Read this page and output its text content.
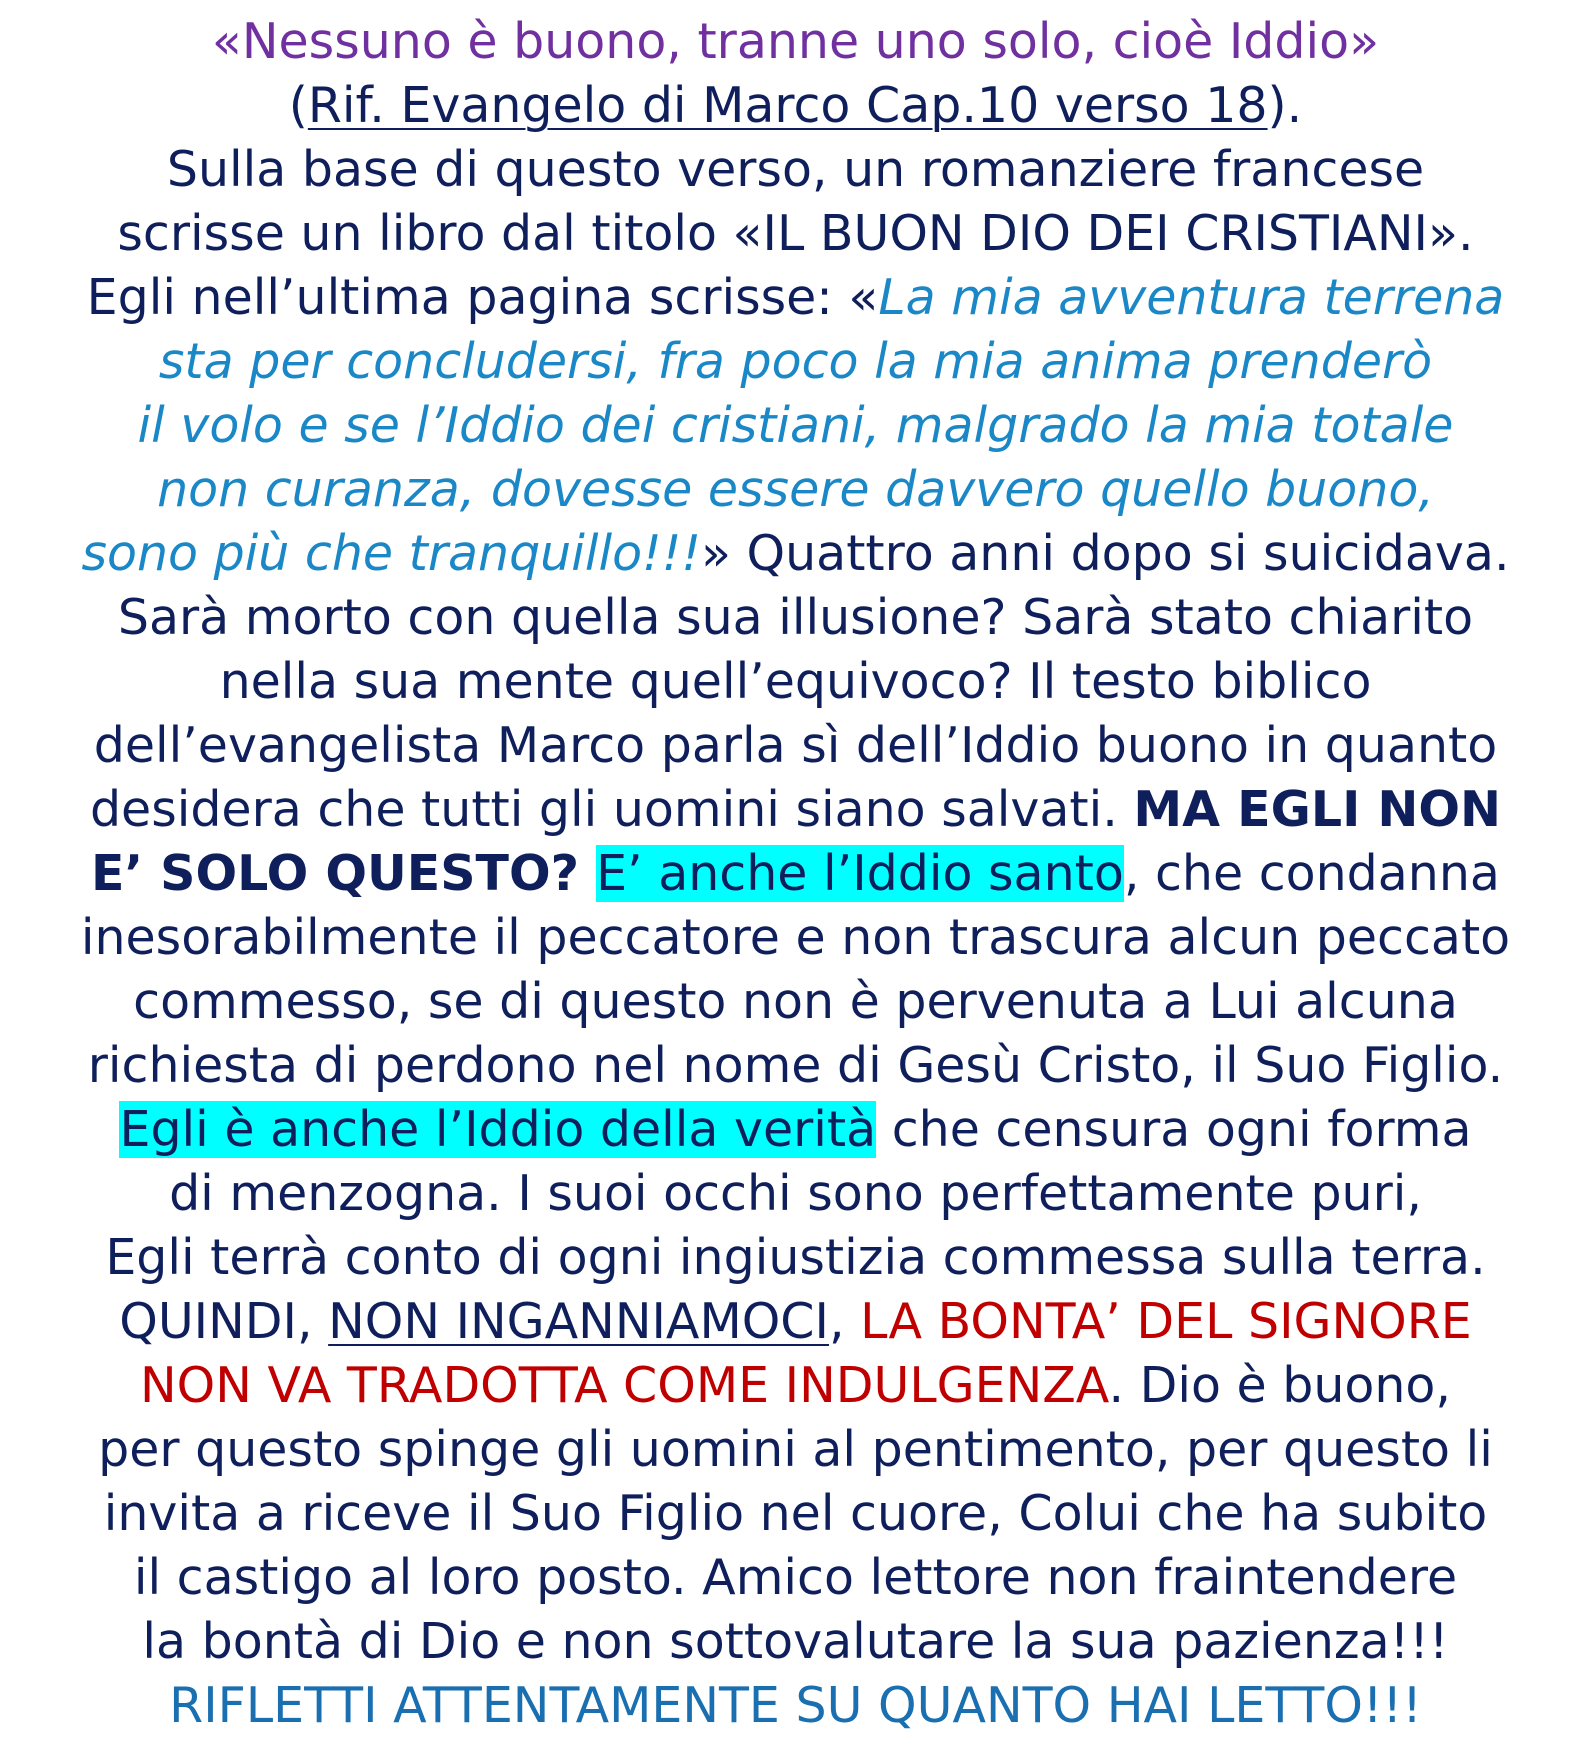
«Nessuno è buono, tranne uno solo, cioè Iddio»
(Rif. Evangelo di Marco Cap.10 verso 18).
Sulla base di questo verso, un romanziere francese
scrisse un libro dal titolo «IL BUON DIO DEI CRISTIANI».
Egli nell’ultima pagina scrisse: «La mia avventura terrena
sta per concludersi, fra poco la mia anima prenderò
il volo e se l’Iddio dei cristiani, malgrado la mia totale
non curanza, dovesse essere davvero quello buono,
sono più che tranquillo!!!» Quattro anni dopo si suicidava.
Sarà morto con quella sua illusione? Sarà stato chiarito
nella sua mente quell’equivoco? Il testo biblico
dell’evangelista Marco parla sì dell’Iddio buono in quanto
desidera che tutti gli uomini siano salvati. MA EGLI NON
E’ SOLO QUESTO? E’ anche l’Iddio santo, che condanna
inesorabilmente il peccatore e non trascura alcun peccato
commesso, se di questo non è pervenuta a Lui alcuna
richiesta di perdono nel nome di Gesù Cristo, il Suo Figlio.
Egli è anche l’Iddio della verità che censura ogni forma
di menzogna. I suoi occhi sono perfettamente puri,
Egli terrà conto di ogni ingiustizia commessa sulla terra.
QUINDI, NON INGANNIAMOCI, LA BONTA’ DEL SIGNORE
NON VA TRADOTTA COME INDULGENZA. Dio è buono,
per questo spinge gli uomini al pentimento, per questo li
invita a riceve il Suo Figlio nel cuore, Colui che ha subito
il castigo al loro posto. Amico lettore non fraintendere
la bontà di Dio e non sottovalutare la sua pazienza!!!
RIFLETTI ATTENTAMENTE SU QUANTO HAI LETTO!!!
